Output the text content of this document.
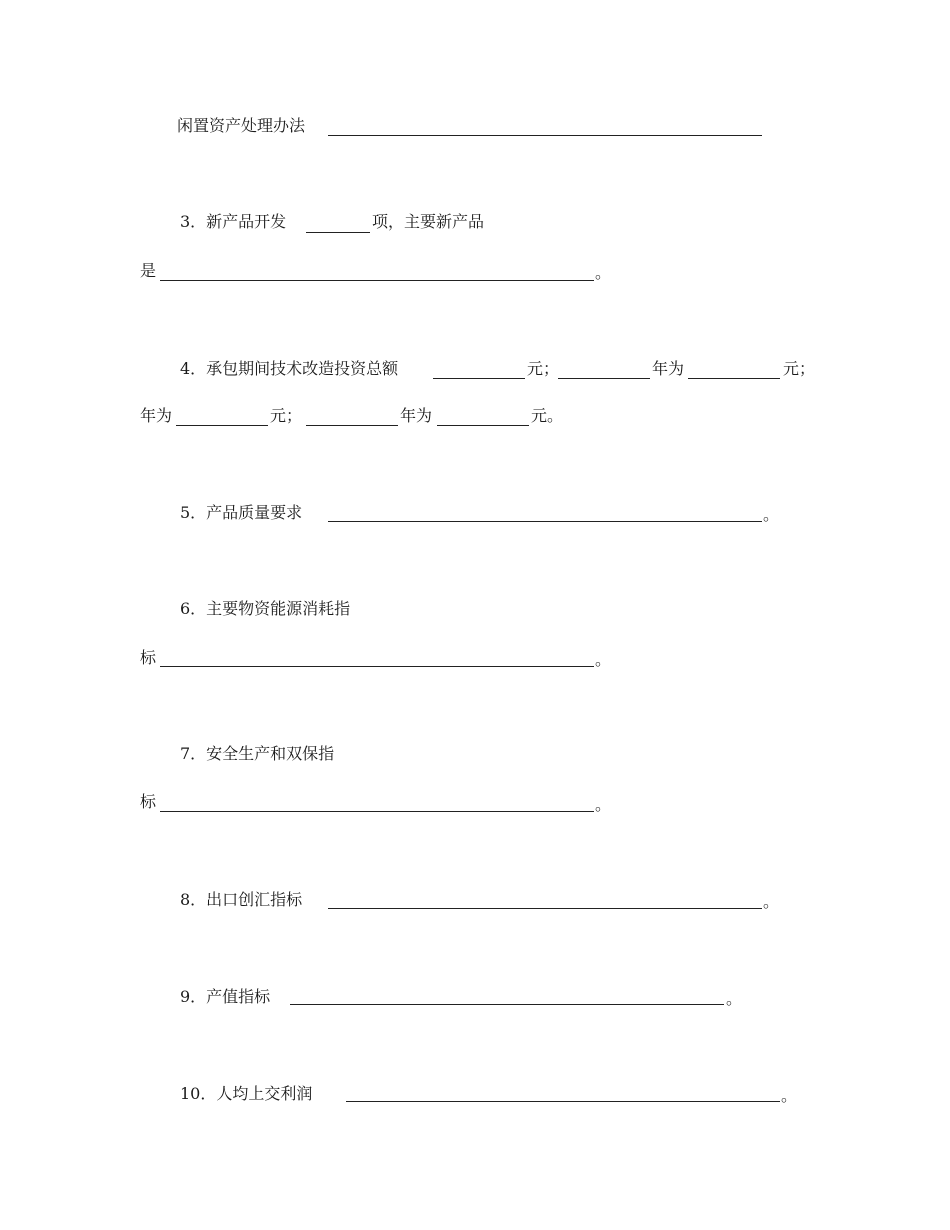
闲置资产处理办法
3．新产品开发	项，主要新产品
是	。
4．承包期间技术改造投资总额	元；	年为	元；
年为	元；	年为	元。
5．产品质量要求	。
6．主要物资能源消耗指
标	。
7．安全生产和双保指
标	。
8．出口创汇指标	。
9．产值指标	。
10．人均上交利润	。
